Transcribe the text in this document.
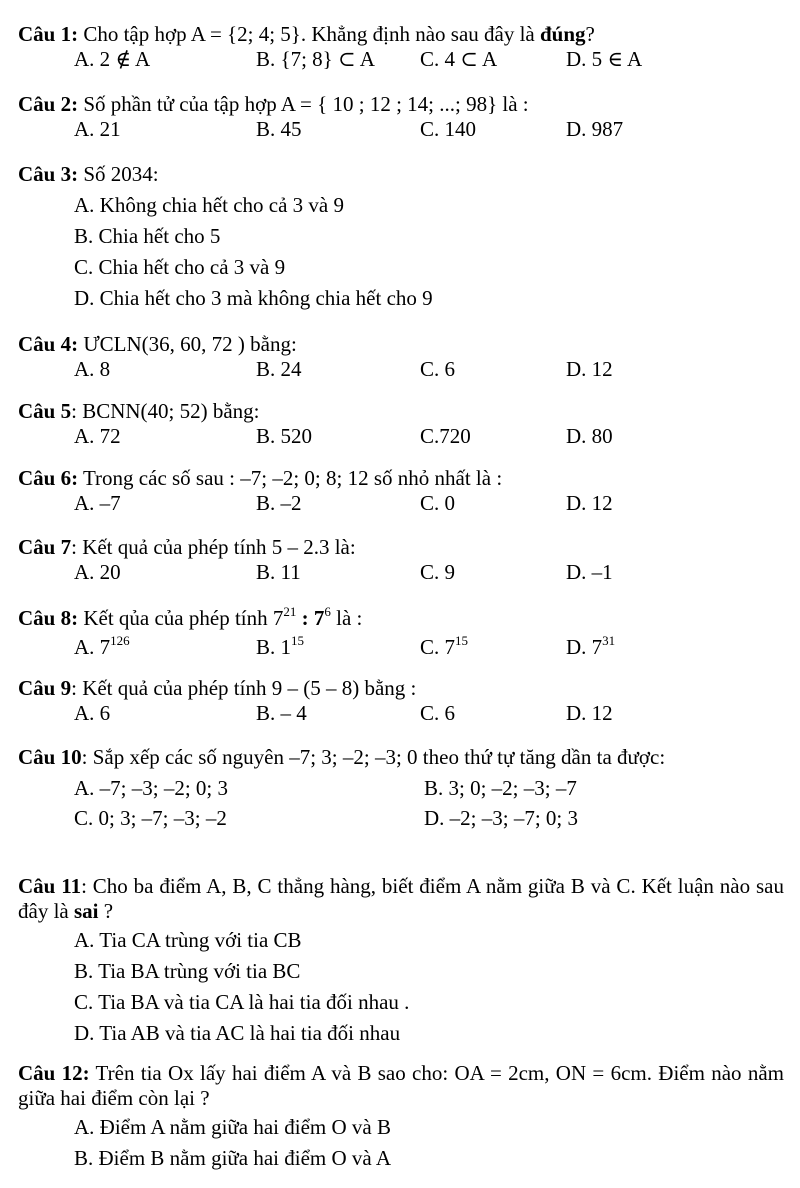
Câu 1: Cho tập hợp A = {2; 4; 5}. Khẳng định nào sau đây là đúng?
A. 2 ∉ A	B. {7; 8} ⊂ A C. 4 ⊂ A	D. 5 ∈ A
Câu 2: Số phần tử của tập hợp A = { 10 ; 12 ; 14; ...; 98} là :
A. 21	B. 45	C. 140	D. 987
Câu 3: Số 2034:
A. Không chia hết cho cả 3 và 9
B. Chia hết cho 5
C. Chia hết cho cả 3 và 9
D. Chia hết cho 3 mà không chia hết cho 9
Câu 4: ƯCLN(36, 60, 72 ) bằng:
A. 8	B. 24	C. 6	D. 12
Câu 5: BCNN(40; 52) bằng:
A. 72	B. 520	C.720	D. 80
Câu 6: Trong các số sau : –7; –2; 0; 8; 12 số nhỏ nhất là :
A. –7	B. –2	C. 0	D. 12
Câu 7: Kết quả của phép tính 5 – 2.3 là:
A. 20	B. 11	C. 9	D. –1
Câu 8: Kết qủa của phép tính $7^{21}$ : $7^6$ là :
A. $7^{126}$	B. $1^{15}$	C. $7^{15}$	D. $7^{31}$
Câu 9: Kết quả của phép tính 9 – (5 – 8) bằng :
A. 6	B. – 4	C. 6	D. 12
Câu 10: Sắp xếp các số nguyên –7; 3; –2; –3; 0 theo thứ tự tăng dần ta được:
A. –7; –3; –2; 0; 3	B. 3; 0; –2; –3; –7
C. 0; 3; –7; –3; –2	D. –2; –3; –7; 0; 3
Câu 11: Cho ba điểm A, B, C thẳng hàng, biết điểm A nằm giữa B và C. Kết luận nào sau đây là sai ?
A. Tia CA trùng với tia CB
B. Tia BA trùng với tia BC
C. Tia BA và tia CA là hai tia đối nhau .
D. Tia AB và tia AC là hai tia đối nhau
Câu 12: Trên tia Ox lấy hai điểm A và B sao cho: OA = 2cm, ON = 6cm. Điểm nào nằm giữa hai điểm còn lại ?
A. Điểm A nằm giữa hai điểm O và B
B. Điểm B nằm giữa hai điểm O và A
